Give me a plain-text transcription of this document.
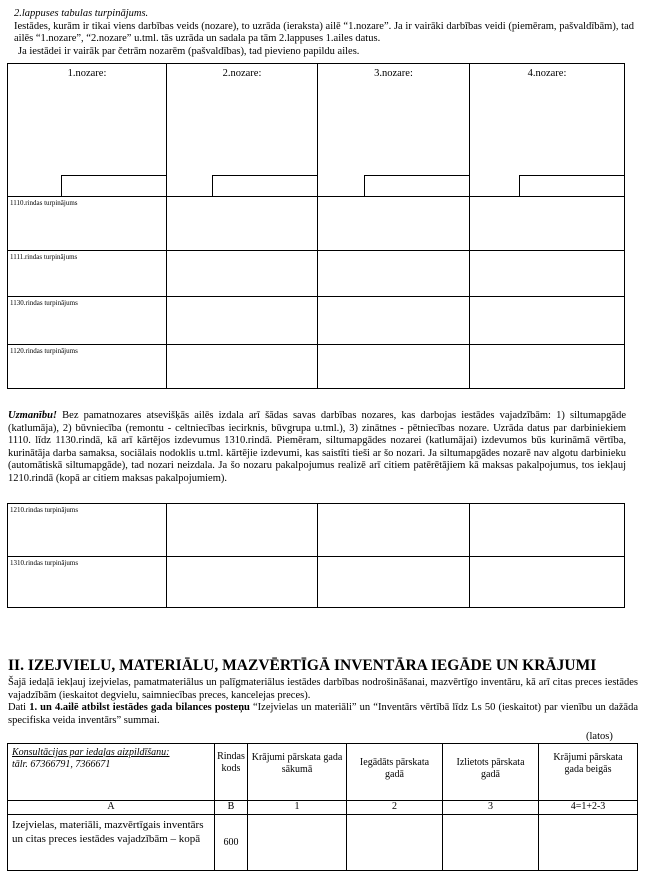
2.lappuses tabulas turpinājums.
Iestādes, kurām ir tikai viens darbības veids (nozare), to uzrāda (ieraksta) ailē “1.nozare”. Ja ir vairāki darbības veidi (piemēram, pašvaldībām), tad ailēs “1.nozare”, “2.nozare” u.tml. tās uzrāda un sadala pa tām 2.lappuses 1.ailes datus.
Ja iestādei ir vairāk par četrām nozarēm (pašvaldības), tad pievieno papildu ailes.
1.nozare:	2.nozare:	3.nozare:	4.nozare:

1110.rindas turpinājums			
1111.rindas turpinājums			
1130.rindas turpinājums			
1120.rindas turpinājums			
Uzmanību! Bez pamatnozares atsevišķās ailēs izdala arī šādas savas darbības nozares, kas darbojas iestādes vajadzībām: 1) siltumapgāde (katlumāja), 2) būvniecība (remontu - celtniecības iecirknis, būvgrupa u.tml.), 3) zinātnes - pētniecības nozare. Uzrāda datus par darbiniekiem 1110. līdz 1130.rindā, kā arī kārtējos izdevumus 1310.rindā. Piemēram, siltumapgādes nozarei (katlumājai) izdevumos būs kurināmā vērtība, kurinātāja darba samaksa, sociālais nodoklis u.tml. kārtējie izdevumi, kas saistīti tieši ar šo nozari. Ja siltumapgādes nozarē nav algotu darbinieku (automātiskā siltumapgāde), tad nozari neizdala. Ja šo nozaru pakalpojumus realizē arī citiem patērētājiem kā maksas pakalpojumus, tos iekļauj 1210.rindā (kopā ar citiem maksas pakalpojumiem).
1210.rindas turpinājums			
1310.rindas turpinājums			
II. IZEJVIELU, MATERIĀLU, MAZVĒRTĪGĀ INVENTĀRA IEGĀDE UN KRĀJUMI
Šajā iedaļā iekļauj izejvielas, pamatmateriālus un palīgmateriālus iestādes darbības nodrošināšanai, mazvērtīgo inventāru, kā arī citas preces iestādes vajadzībām (ieskaitot degvielu, saimniecības preces, kancelejas preces).
Dati 1. un 4.ailē atbilst iestādes gada bilances posteņu “Izejvielas un materiāli” un “Inventārs vērtībā līdz Ls 50 (ieskaitot) par vienību un dažāda specifiska veida inventārs” summai.
(latos)
Konsultācijas par iedaļas aizpildīšanu:
tālr. 67366791, 7366671	Rindas kods	Krājumi pārskata gada sākumā	Iegādāts pārskata gadā	Izlietots pārskata gadā	Krājumi pārskata gada beigās
A	B	1	2	3	4=1+2-3
Izejvielas, materiāli, mazvērtīgais inventārs un citas preces iestādes vajadzībām – kopā	600				
